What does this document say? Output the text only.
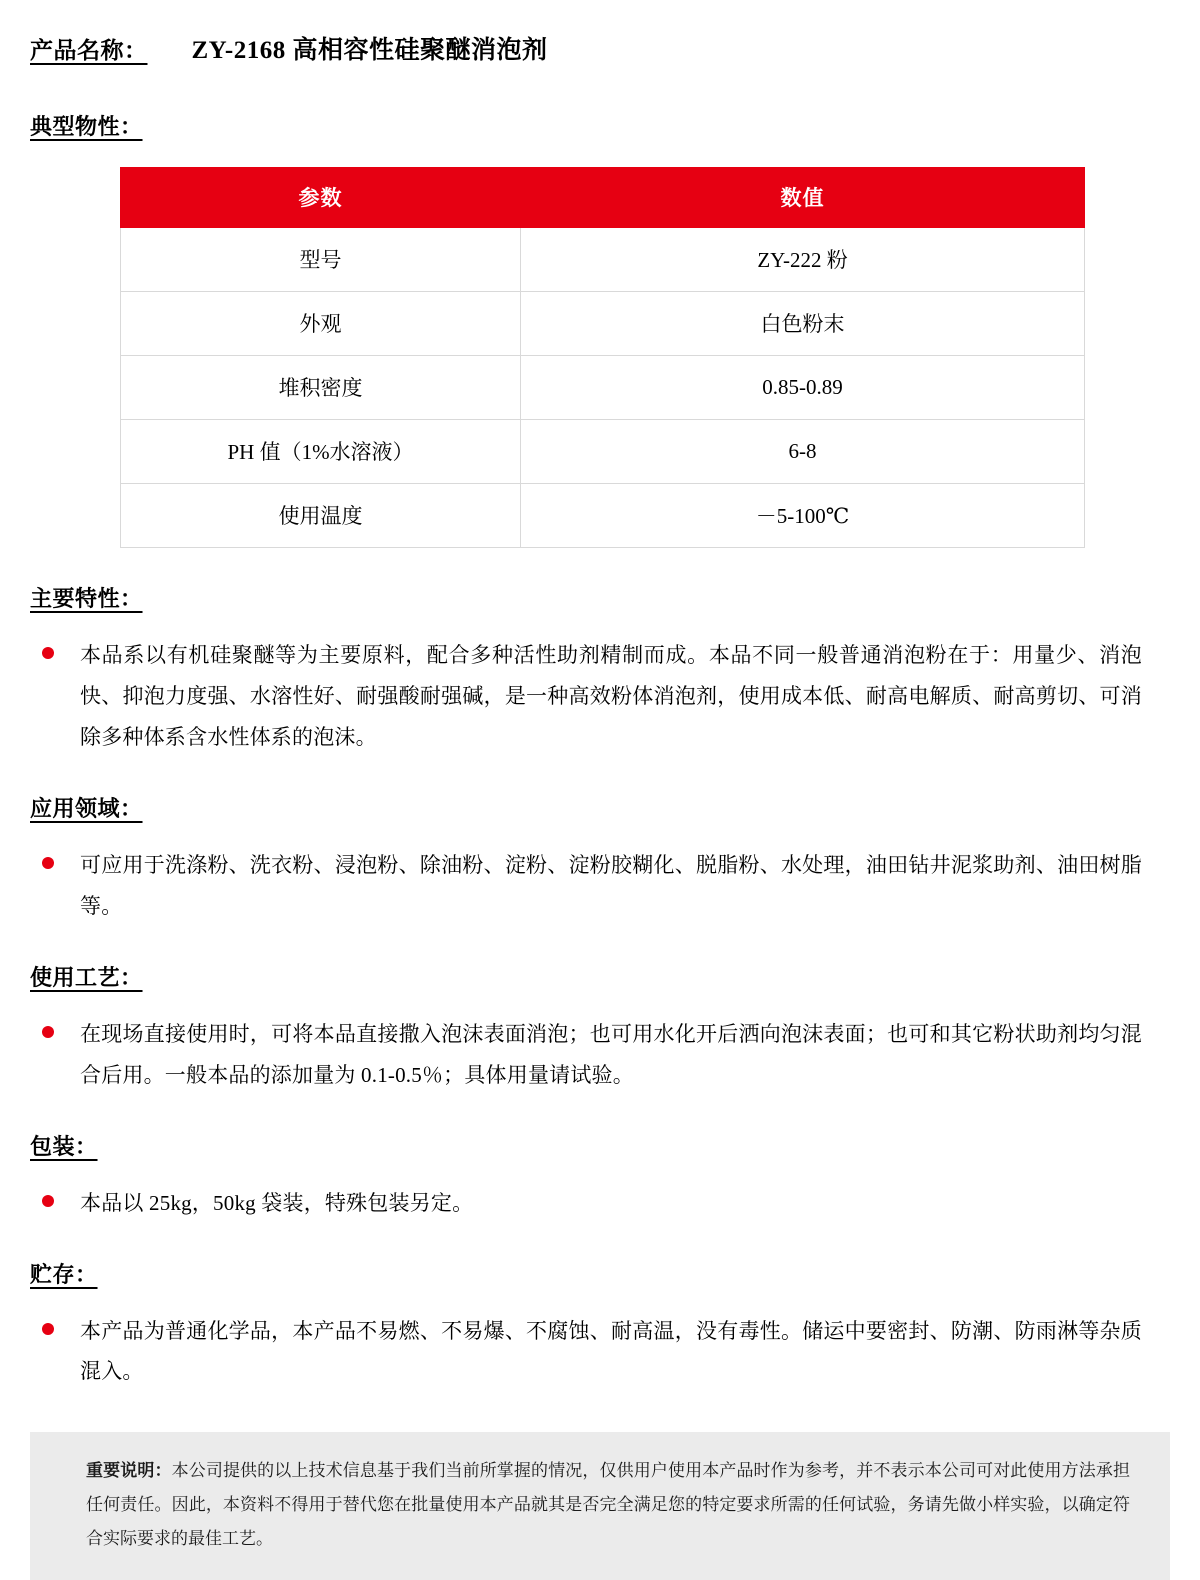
产品名称： ZY-2168 高相容性硅聚醚消泡剂
典型物性：
参数	数值
型号	ZY-222 粉
外观	白色粉末
堆积密度	0.85-0.89
PH 值（1%水溶液）	6-8
使用温度	－5-100℃
主要特性：
本品系以有机硅聚醚等为主要原料，配合多种活性助剂精制而成。本品不同一般普通消泡粉在于：用量少、消泡快、抑泡力度强、水溶性好、耐强酸耐强碱，是一种高效粉体消泡剂，使用成本低、耐高电解质、耐高剪切、可消除多种体系含水性体系的泡沫。
应用领域：
可应用于洗涤粉、洗衣粉、浸泡粉、除油粉、淀粉、淀粉胶糊化、脱脂粉、水处理，油田钻井泥浆助剂、油田树脂等。
使用工艺：
在现场直接使用时，可将本品直接撒入泡沫表面消泡；也可用水化开后洒向泡沫表面；也可和其它粉状助剂均匀混合后用。一般本品的添加量为 0.1-0.5％；具体用量请试验。
包装：
本品以 25kg，50kg 袋装，特殊包装另定。
贮存：
本产品为普通化学品，本产品不易燃、不易爆、不腐蚀、耐高温，没有毒性。储运中要密封、防潮、防雨淋等杂质混入。
重要说明：本公司提供的以上技术信息基于我们当前所掌握的情况，仅供用户使用本产品时作为参考，并不表示本公司可对此使用方法承担任何责任。因此，本资料不得用于替代您在批量使用本产品就其是否完全满足您的特定要求所需的任何试验，务请先做小样实验，以确定符合实际要求的最佳工艺。
